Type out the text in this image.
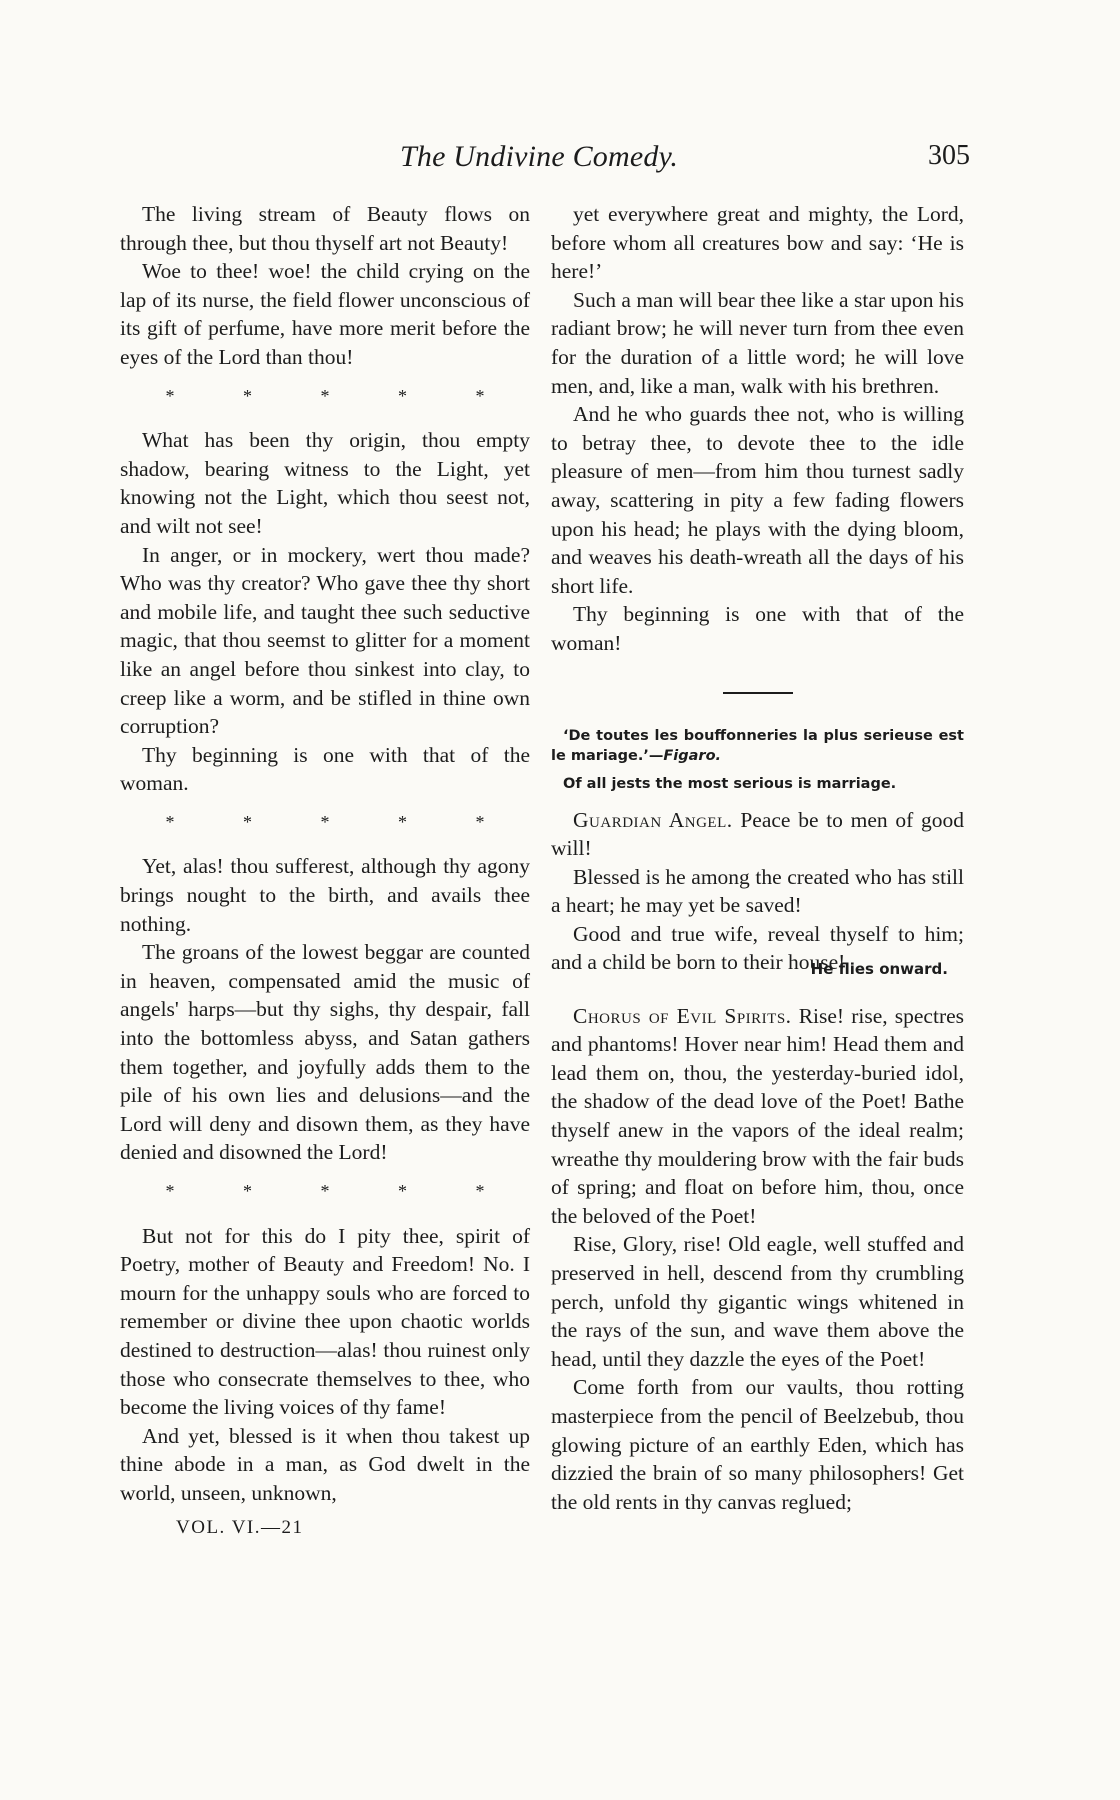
The Undivine Comedy.	305

The living stream of Beauty flows on through thee, but thou thyself art not Beauty!

Woe to thee! woe! the child crying on the lap of its nurse, the field flower unconscious of its gift of perfume, have more merit before the eyes of the Lord than thou!

* * * * *

What has been thy origin, thou empty shadow, bearing witness to the Light, yet knowing not the Light, which thou seest not, and wilt not see!

In anger, or in mockery, wert thou made? Who was thy creator? Who gave thee thy short and mobile life, and taught thee such seductive magic, that thou seemst to glitter for a moment like an angel before thou sinkest into clay, to creep like a worm, and be stifled in thine own corruption?

Thy beginning is one with that of the woman.

* * * * *

Yet, alas! thou sufferest, although thy agony brings nought to the birth, and avails thee nothing.

The groans of the lowest beggar are counted in heaven, compensated amid the music of angels' harps—but thy sighs, thy despair, fall into the bottomless abyss, and Satan gathers them together, and joyfully adds them to the pile of his own lies and delusions—and the Lord will deny and disown them, as they have denied and disowned the Lord!

* * * * *

But not for this do I pity thee, spirit of Poetry, mother of Beauty and Freedom! No. I mourn for the unhappy souls who are forced to remember or divine thee upon chaotic worlds destined to destruction—alas! thou ruinest only those who consecrate themselves to thee, who become the living voices of thy fame!

And yet, blessed is it when thou takest up thine abode in a man, as God dwelt in the world, unseen, unknown,

VOL. VI.—21

yet everywhere great and mighty, the Lord, before whom all creatures bow and say: ‘He is here!’

Such a man will bear thee like a star upon his radiant brow; he will never turn from thee even for the duration of a little word; he will love men, and, like a man, walk with his brethren.

And he who guards thee not, who is willing to betray thee, to devote thee to the idle pleasure of men—from him thou turnest sadly away, scattering in pity a few fading flowers upon his head; he plays with the dying bloom, and weaves his death-wreath all the days of his short life.

Thy beginning is one with that of the woman!

‘De toutes les bouffonneries la plus serieuse est le mariage.’—Figaro.

Of all jests the most serious is marriage.

Guardian Angel. Peace be to men of good will!

Blessed is he among the created who has still a heart; he may yet be saved!

Good and true wife, reveal thyself to him; and a child be born to their house!

He flies onward.

Chorus of Evil Spirits. Rise! rise, spectres and phantoms! Hover near him! Head them and lead them on, thou, the yesterday-buried idol, the shadow of the dead love of the Poet! Bathe thyself anew in the vapors of the ideal realm; wreathe thy mouldering brow with the fair buds of spring; and float on before him, thou, once the beloved of the Poet!

Rise, Glory, rise! Old eagle, well stuffed and preserved in hell, descend from thy crumbling perch, unfold thy gigantic wings whitened in the rays of the sun, and wave them above the head, until they dazzle the eyes of the Poet!

Come forth from our vaults, thou rotting masterpiece from the pencil of Beelzebub, thou glowing picture of an earthly Eden, which has dizzied the brain of so many philosophers! Get the old rents in thy canvas reglued;
